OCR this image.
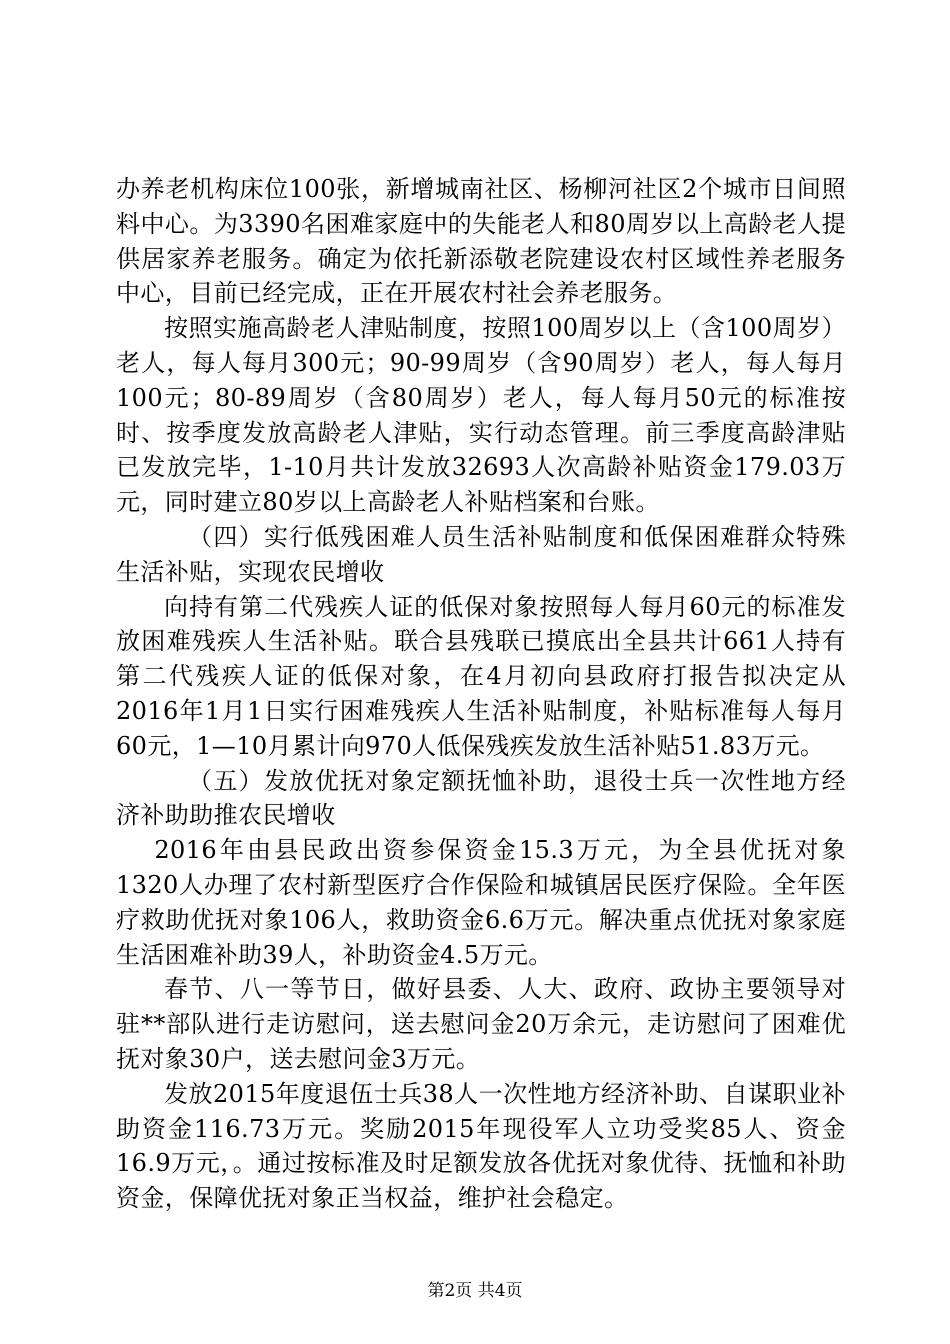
办养老机构床位100张，新增城南社区、杨柳河社区2个城市日间照料中心。为3390名困难家庭中的失能老人和80周岁以上高龄老人提供居家养老服务。确定为依托新添敬老院建设农村区域性养老服务中心，目前已经完成，正在开展农村社会养老服务。

按照实施高龄老人津贴制度，按照100周岁以上（含100周岁）老人，每人每月300元；90-99周岁（含90周岁）老人，每人每月100元；80-89周岁（含80周岁）老人，每人每月50元的标准按时、按季度发放高龄老人津贴，实行动态管理。前三季度高龄津贴已发放完毕，1-10月共计发放32693人次高龄补贴资金179.03万元，同时建立80岁以上高龄老人补贴档案和台账。

（四）实行低残困难人员生活补贴制度和低保困难群众特殊生活补贴，实现农民增收

向持有第二代残疾人证的低保对象按照每人每月60元的标准发放困难残疾人生活补贴。联合县残联已摸底出全县共计661人持有第二代残疾人证的低保对象，在4月初向县政府打报告拟决定从2016年1月1日实行困难残疾人生活补贴制度，补贴标准每人每月60元，1—10月累计向970人低保残疾发放生活补贴51.83万元。

（五）发放优抚对象定额抚恤补助，退役士兵一次性地方经济补助助推农民增收

2016年由县民政出资参保资金15.3万元，为全县优抚对象1320人办理了农村新型医疗合作保险和城镇居民医疗保险。全年医疗救助优抚对象106人，救助资金6.6万元。解决重点优抚对象家庭生活困难补助39人，补助资金4.5万元。

春节、八一等节日，做好县委、人大、政府、政协主要领导对驻**部队进行走访慰问，送去慰问金20万余元，走访慰问了困难优抚对象30户，送去慰问金3万元。

发放2015年度退伍士兵38人一次性地方经济补助、自谋职业补助资金116.73万元。奖励2015年现役军人立功受奖85人、资金16.9万元，。通过按标准及时足额发放各优抚对象优待、抚恤和补助资金，保障优抚对象正当权益，维护社会稳定。

第2页 共4页
